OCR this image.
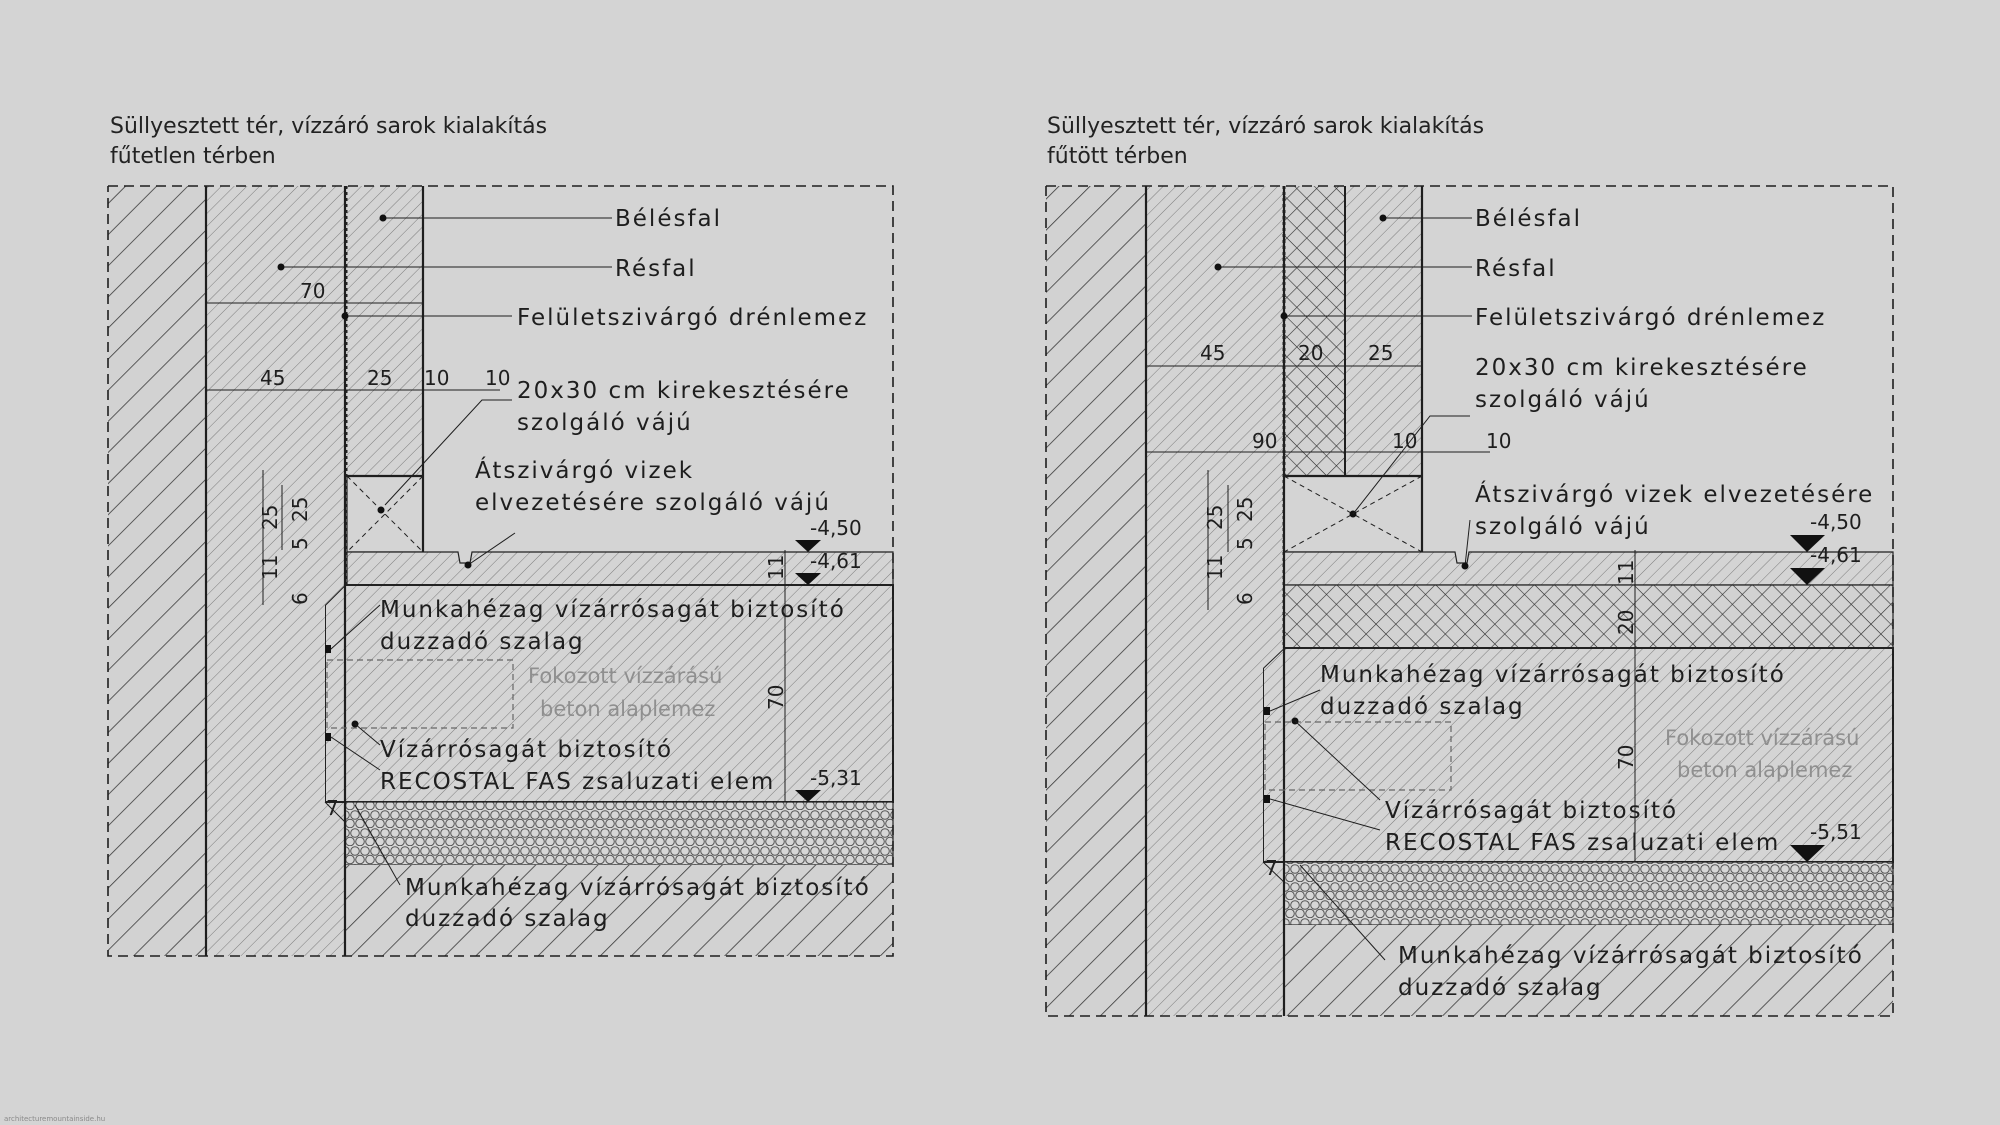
Süllyesztett tér, vízzáró sarok kialakítás
fűtetlen térben
Bélésfal
Résfal
Felületszivárgó drénlemez
20x30 cm kirekesztésére
szolgáló vájú
Átszivárgó vizek
elvezetésére szolgáló vájú
Munkahézag vízárrósagát biztosító
duzzadó szalag
Fokozott vízzárású
beton alaplemez
Vízárrósagát biztosító
RECOSTAL FAS zsaluzati elem
Munkahézag vízárrósagát biztosító
duzzadó szalag
-4,50
-4,61
-5,31
70
45	25 10 10
25 25
5
11
6
11
70
7
Süllyesztett tér, vízzáró sarok kialakítás
fűtött térben
Bélésfal
Résfal
Felületszivárgó drénlemez
20x30 cm kirekesztésére
szolgáló vájú
Átszivárgó vizek elvezetésére
szolgáló vájú
Munkahézag vízárrósagát biztosító
duzzadó szalag
Fokozott vízzárású
beton alaplemez
Vízárrósagát biztosító
RECOSTAL FAS zsaluzati elem
Munkahézag vízárrósagát biztosító
duzzadó szalag
-4,50
-4,61
-5,51
45	20 25
90	10	10
25 25
5
11
6
11
20
70
7
architecturemountainside.hu
